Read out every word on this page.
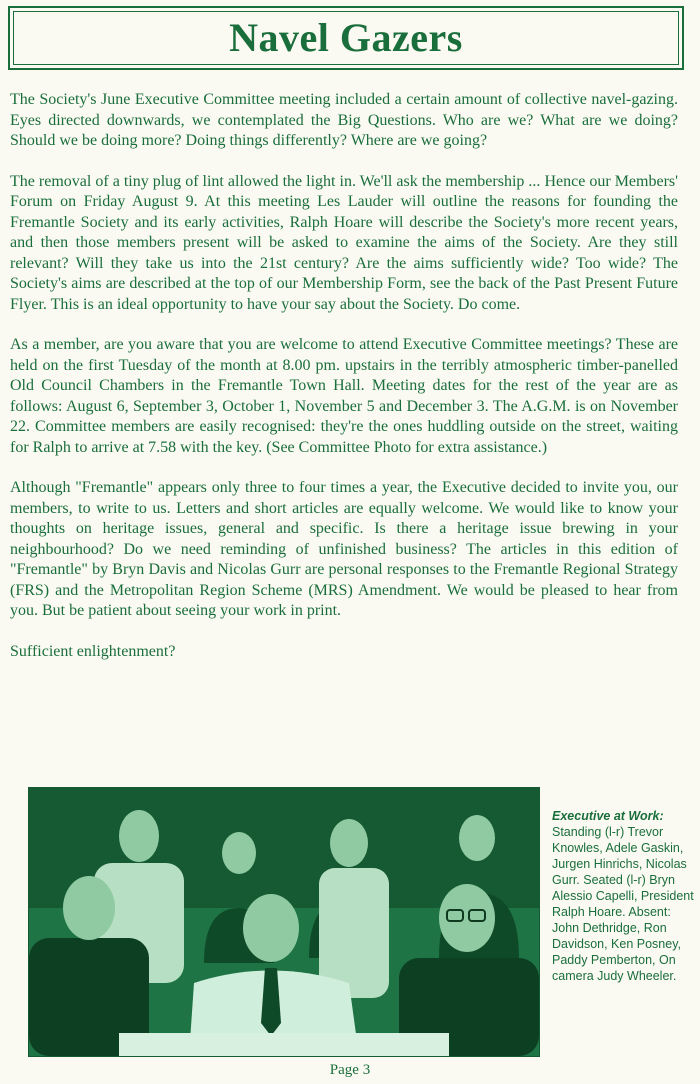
Navel Gazers

The Society's June Executive Committee meeting included a certain amount of collective navel-gazing. Eyes directed downwards, we contemplated the Big Questions. Who are we? What are we doing? Should we be doing more? Doing things differently? Where are we going?

The removal of a tiny plug of lint allowed the light in. We'll ask the membership ... Hence our Members' Forum on Friday August 9. At this meeting Les Lauder will outline the reasons for founding the Fremantle Society and its early activities, Ralph Hoare will describe the Society's more recent years, and then those members present will be asked to examine the aims of the Society. Are they still relevant? Will they take us into the 21st century? Are the aims sufficiently wide? Too wide? The Society's aims are described at the top of our Membership Form, see the back of the Past Present Future Flyer. This is an ideal opportunity to have your say about the Society. Do come.

As a member, are you aware that you are welcome to attend Executive Committee meetings? These are held on the first Tuesday of the month at 8.00 pm. upstairs in the terribly atmospheric timber-panelled Old Council Chambers in the Fremantle Town Hall. Meeting dates for the rest of the year are as follows: August 6, September 3, October 1, November 5 and December 3. The A.G.M. is on November 22. Committee members are easily recognised: they're the ones huddling outside on the street, waiting for Ralph to arrive at 7.58 with the key. (See Committee Photo for extra assistance.)

Although "Fremantle" appears only three to four times a year, the Executive decided to invite you, our members, to write to us. Letters and short articles are equally welcome. We would like to know your thoughts on heritage issues, general and specific. Is there a heritage issue brewing in your neighbourhood? Do we need reminding of unfinished business? The articles in this edition of "Fremantle" by Bryn Davis and Nicolas Gurr are personal responses to the Fremantle Regional Strategy (FRS) and the Metropolitan Region Scheme (MRS) Amendment. We would be pleased to hear from you. But be patient about seeing your work in print.

Sufficient enlightenment?

Executive at Work:
Standing (l-r) Trevor Knowles, Adele Gaskin, Jurgen Hinrichs, Nicolas Gurr. Seated (l-r) Bryn Alessio Capelli, President Ralph Hoare. Absent: John Dethridge, Ron Davidson, Ken Posney, Paddy Pemberton, On camera Judy Wheeler.
Page 3
